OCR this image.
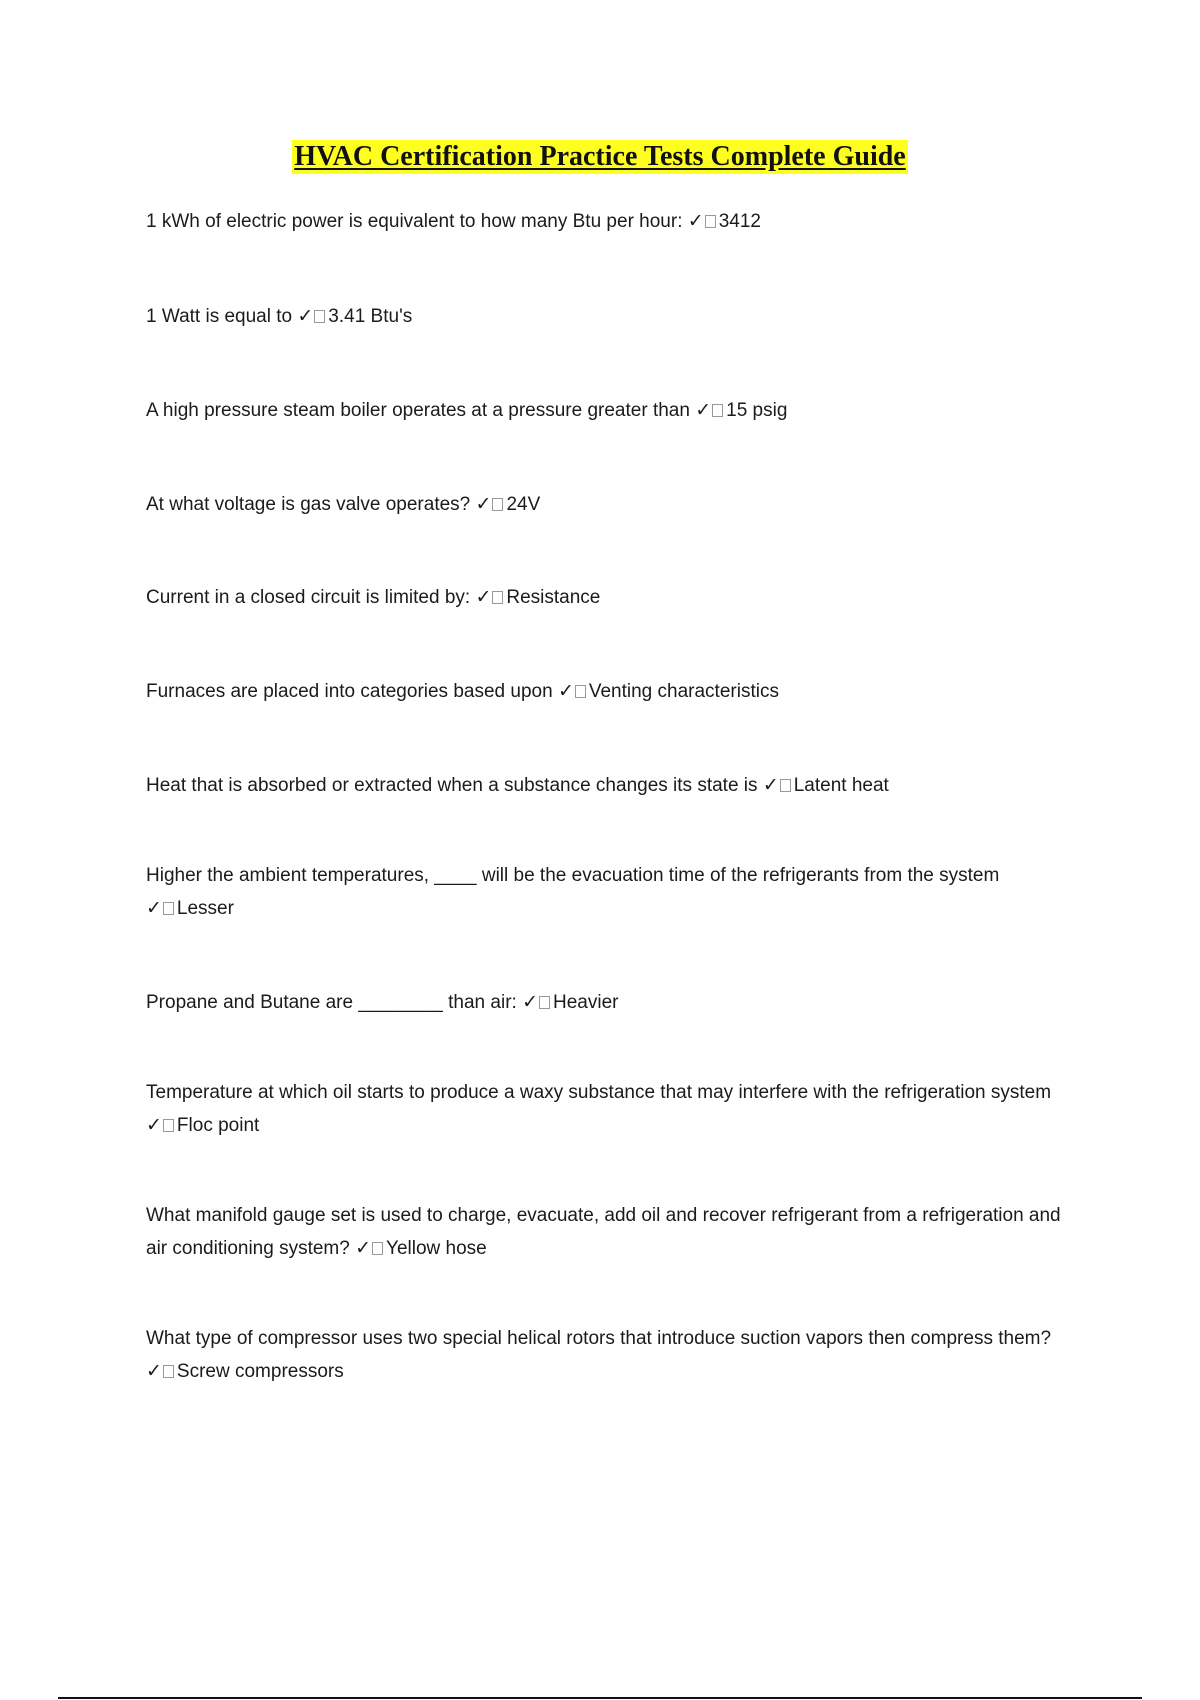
HVAC Certification Practice Tests Complete Guide
1 kWh of electric power is equivalent to how many Btu per hour: ✓ 3412
1 Watt is equal to ✓ 3.41 Btu's
A high pressure steam boiler operates at a pressure greater than ✓ 15 psig
At what voltage is gas valve operates? ✓ 24V
Current in a closed circuit is limited by: ✓ Resistance
Furnaces are placed into categories based upon ✓ Venting characteristics
Heat that is absorbed or extracted when a substance changes its state is ✓ Latent heat
Higher the ambient temperatures, ____ will be the evacuation time of the refrigerants from the system ✓ Lesser
Propane and Butane are ________ than air: ✓ Heavier
Temperature at which oil starts to produce a waxy substance that may interfere with the refrigeration system ✓ Floc point
What manifold gauge set is used to charge, evacuate, add oil and recover refrigerant from a refrigeration and air conditioning system? ✓ Yellow hose
What type of compressor uses two special helical rotors that introduce suction vapors then compress them? ✓ Screw compressors
